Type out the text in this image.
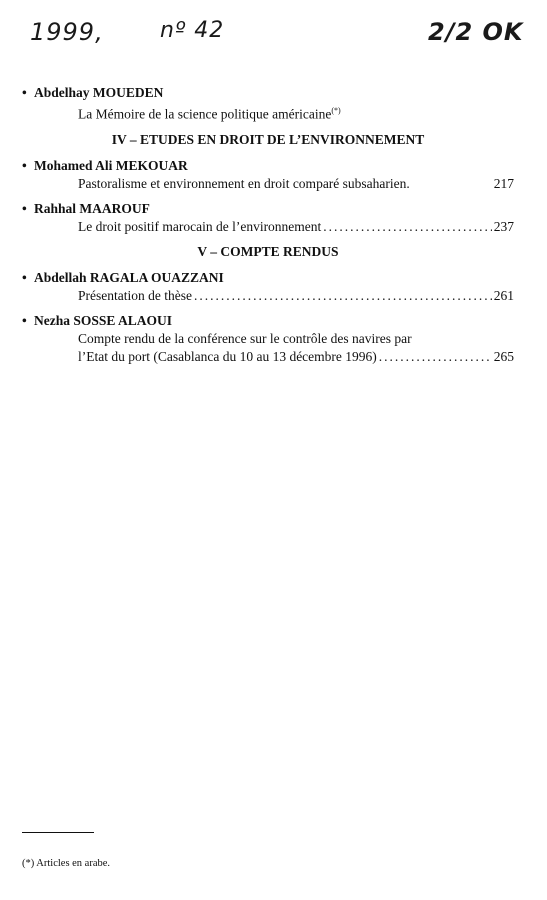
1999,	nº 42	2/2 OK
• Abdelhay MOUEDEN
La Mémoire de la science politique américaine(*)
IV – ETUDES EN DROIT DE L’ENVIRONNEMENT
• Mohamed Ali MEKOUAR
Pastoralisme et environnement en droit comparé subsaharien.	217
• Rahhal MAAROUF
Le droit positif marocain de l’environnement .....	237
V – COMPTE RENDUS
• Abdellah RAGALA OUAZZANI
Présentation de thèse .....	261
• Nezha SOSSE ALAOUI
Compte rendu de la conférence sur le contrôle des navires par
l’Etat du port (Casablanca du 10 au 13 décembre 1996) .....	265
(*) Articles en arabe.
